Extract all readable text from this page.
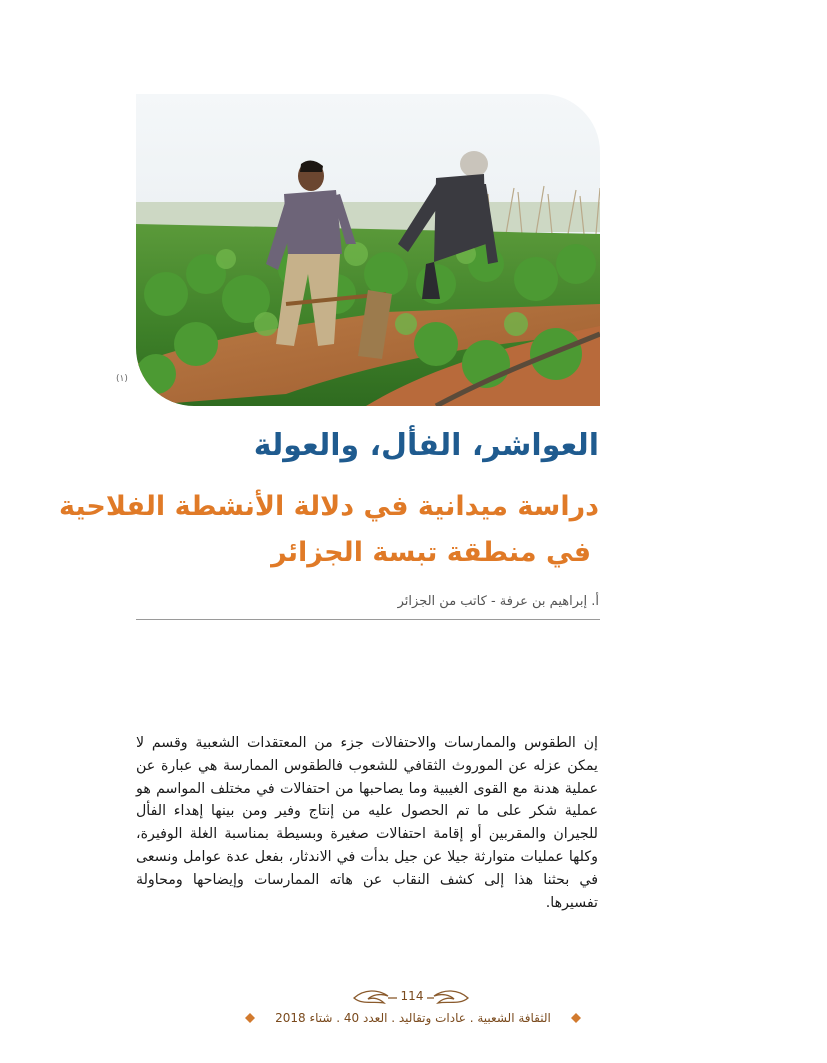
(١)
العواشر، الفأل، والعولة
دراسة ميدانية في دلالة الأنشطة الفلاحية
في منطقة تبسة الجزائر
أ. إبراهيم بن عرفة - كاتب من الجزائر
إن الطقوس والممارسات والاحتفالات جزء من المعتقدات الشعبية وقسم لا يمكن عزله عن الموروث الثقافي للشعوب فالطقوس الممارسة هي عبارة عن عملية هدنة مع القوى الغيبية وما يصاحبها من احتفالات في مختلف المواسم هو عملية شكر على ما تم الحصول عليه من إنتاج وفير ومن بينها إهداء الفأل للجيران والمقربين أو إقامة احتفالات صغيرة وبسيطة بمناسبة الغلة الوفيرة، وكلها عمليات متوارثة جيلا عن جيل بدأت في الاندثار، بفعل عدة عوامل ونسعى في بحثنا هذا إلى كشف النقاب عن هاته الممارسات وإيضاحها ومحاولة تفسيرها.
114
الثقافة الشعبية . عادات وتقاليد . العدد 40 . شتاء 2018
